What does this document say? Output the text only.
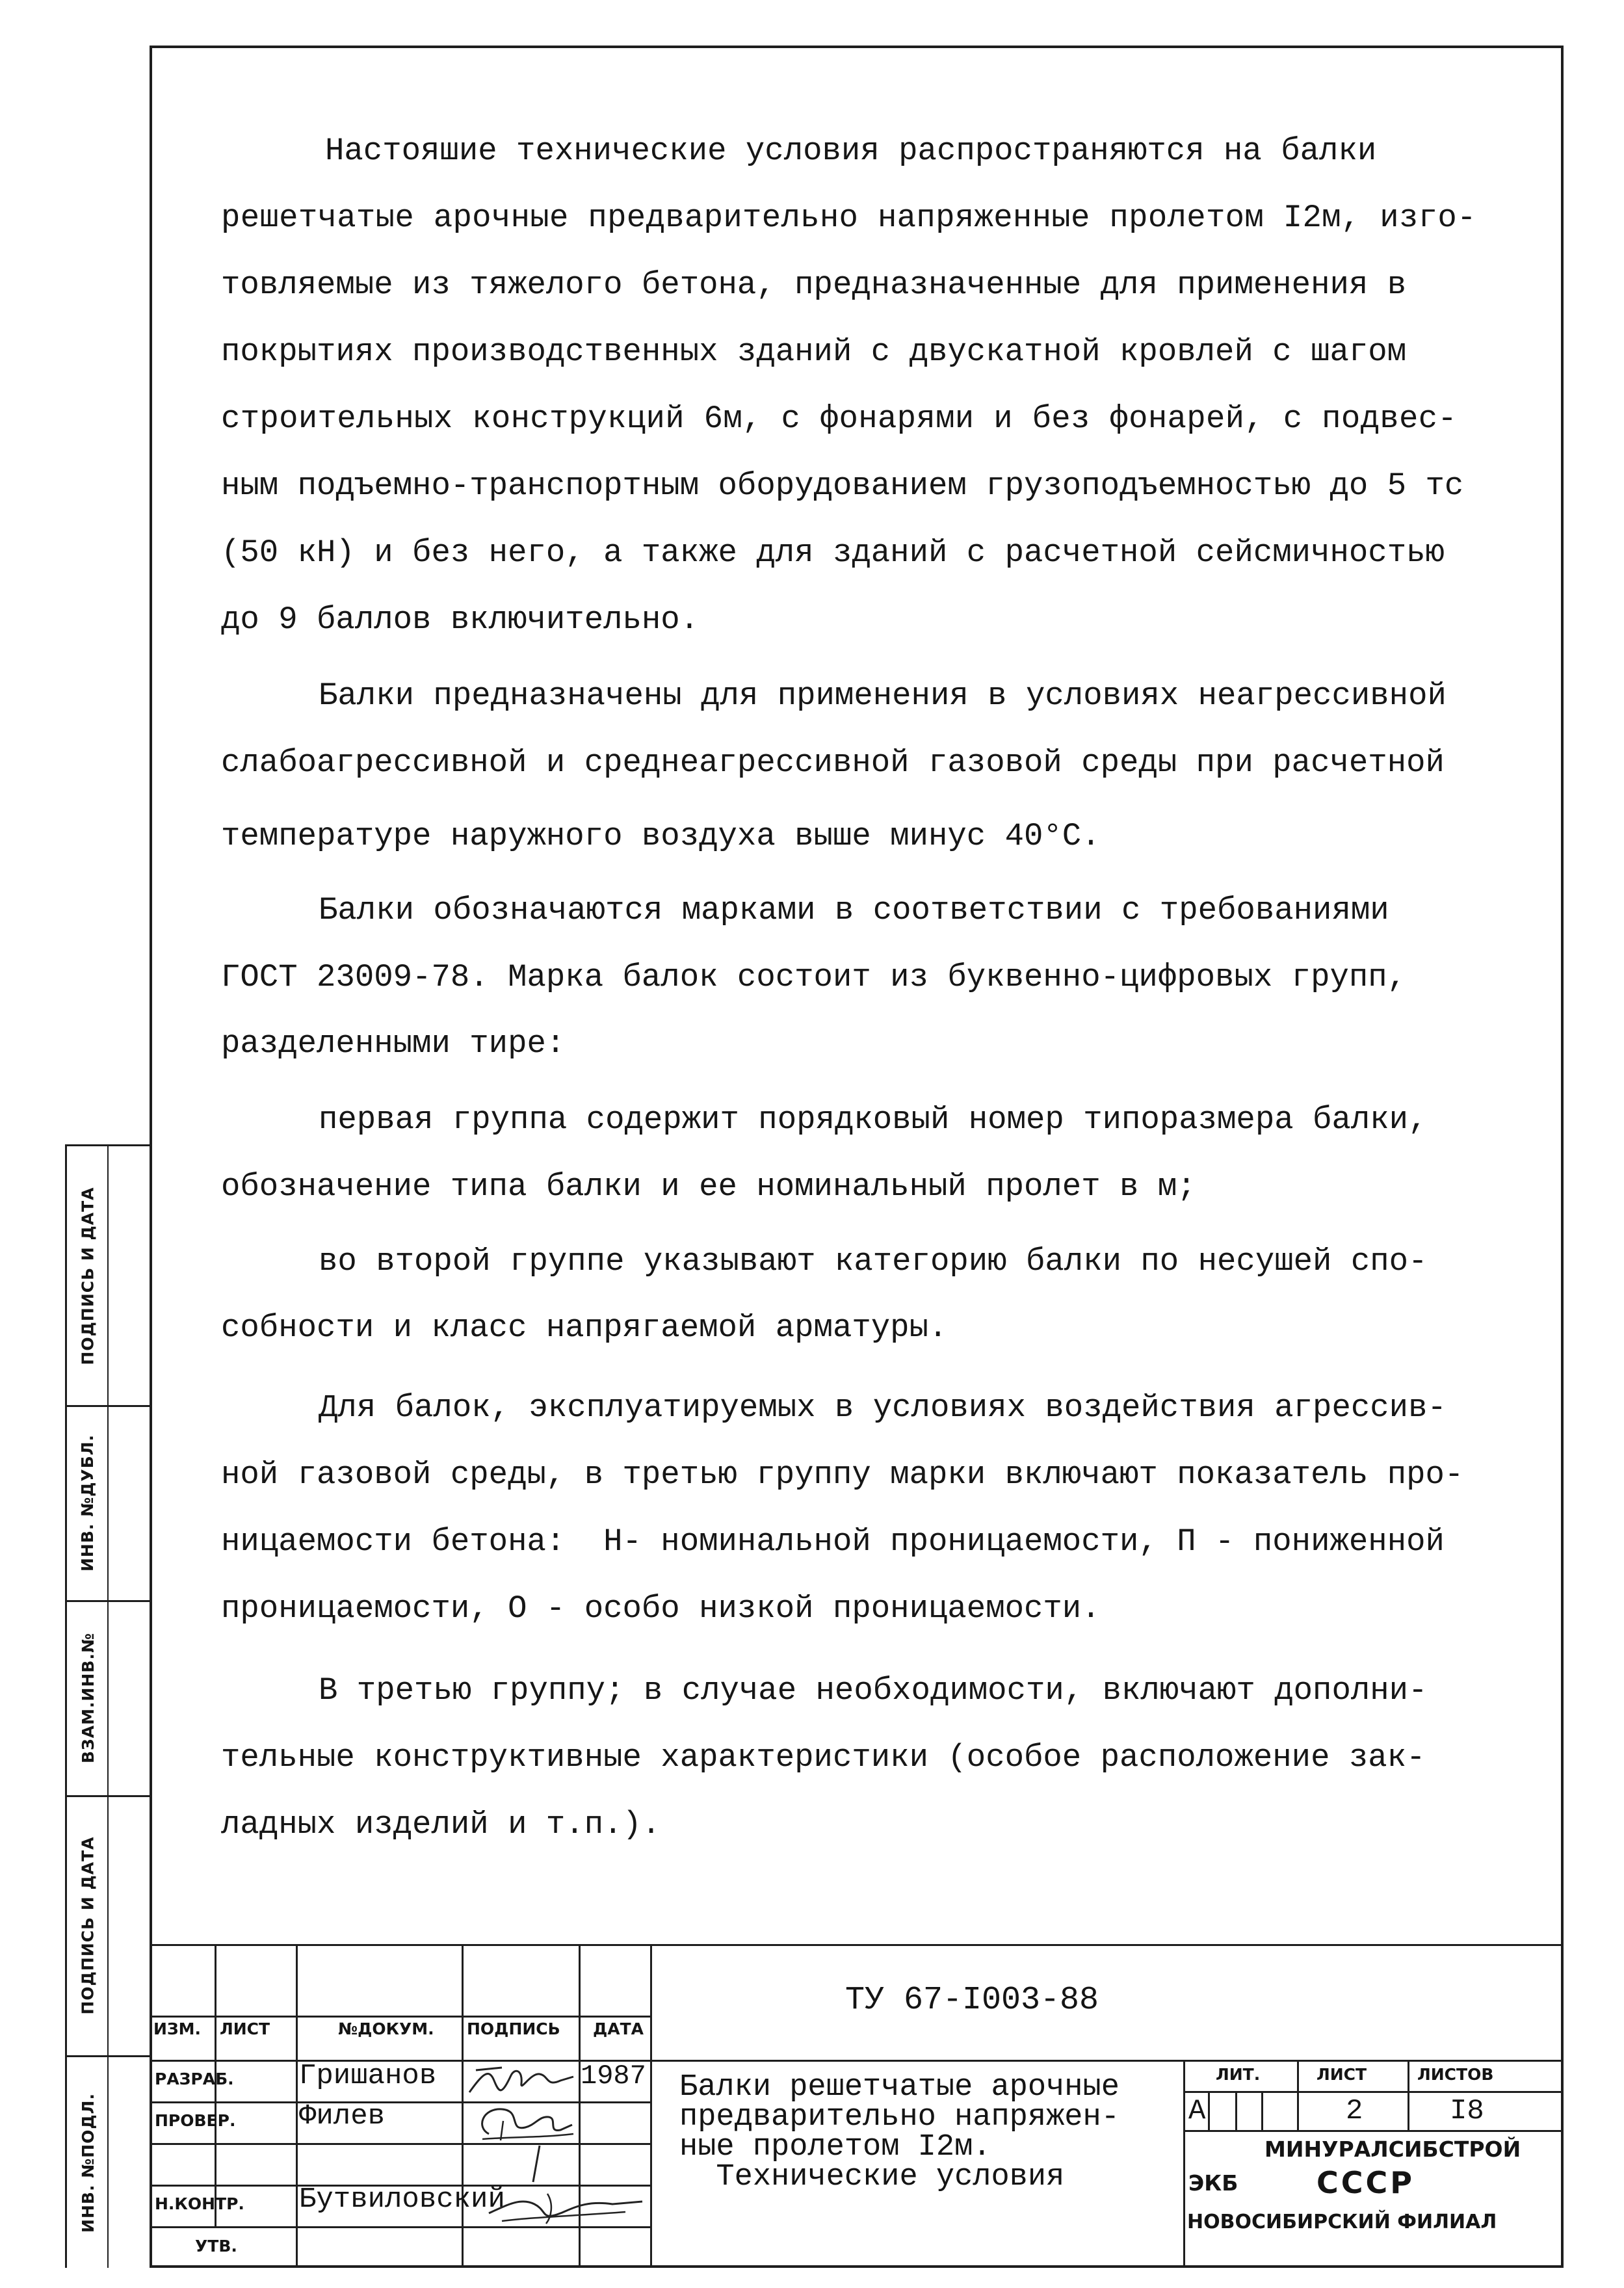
Настояшие технические условия распространяются на балки
решетчатые арочные предварительно напряженные пролетом I2м, изго-
товляемые из тяжелого бетона, предназначенные для применения в
покрытиях производственных зданий с двускатной кровлей с шагом
строительных конструкций 6м, с фонарями и без фонарей, с подвес-
ным подъемно-транспортным оборудованием грузоподъемностью до 5 тс
(50 кН) и без него, а также для зданий с расчетной сейсмичностью
до 9 баллов включительно.
Балки предназначены для применения в условиях неагрессивной
слабоагрессивной и среднеагрессивной газовой среды при расчетной
температуре наружного воздуха выше минус 40°С.
Балки обозначаются марками в соответствии с требованиями
ГОСТ 23009-78. Марка балок состоит из буквенно-цифровых групп,
разделенными тире:
первая группа содержит порядковый номер типоразмера балки,
обозначение типа балки и ее номинальный пролет в м;
во второй группе указывают категорию балки по несушей спо-
собности и класс напрягаемой арматуры.
Для балок, эксплуатируемых в условиях воздействия агрессив-
ной газовой среды, в третью группу марки включают показатель про-
ницаемости бетона:  Н- номинальной проницаемости, П - пониженной
проницаемости, О - особо низкой проницаемости.
В третью группу; в случае необходимости, включают дополни-
тельные конструктивные характеристики (особое расположение зак-
ладных изделий и т.п.).
ПОДПИСЬ И ДАТА
ИНВ. №ДУБЛ.
ВЗАМ.ИНВ.№
ПОДПИСЬ И ДАТА
ИНВ. №ПОДЛ.
ТУ 67-I003-88
ИЗМ. ЛИСТ	№ДОКУМ. ПОДПИСЬ ДАТА
РАЗРАБ. Гришанов	1987
ПРОВЕР. Филев
Н.КОНТР. Бутвиловский
УТВ.
Балки решетчатые арочные
предварительно напряжен-
ные пролетом I2м.
Технические условия
ЛИТ.	ЛИСТ	ЛИСТОВ
А	2	I8
МИНУРАЛСИБСТРОЙ
ЭКБ	СССР
НОВОСИБИРСКИЙ ФИЛИАЛ
